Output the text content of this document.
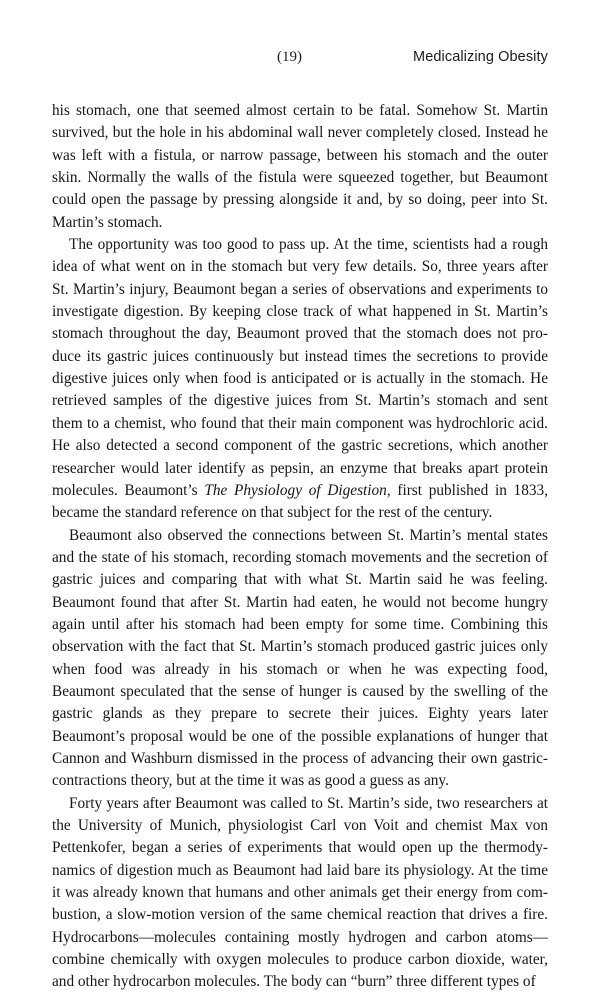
(19)	Medicalizing Obesity

his stomach, one that seemed almost certain to be fatal. Somehow St. Martin survived, but the hole in his abdominal wall never completely closed. Instead he was left with a fistula, or narrow passage, between his stomach and the outer skin. Normally the walls of the fistula were squeezed together, but Beaumont could open the passage by pressing alongside it and, by so doing, peer into St. Martin’s stomach.

The opportunity was too good to pass up. At the time, scientists had a rough idea of what went on in the stomach but very few details. So, three years after St. Martin’s injury, Beaumont began a series of observations and experiments to investigate digestion. By keeping close track of what happened in St. Martin’s stomach throughout the day, Beaumont proved that the stomach does not produce its gastric juices continuously but instead times the secretions to provide digestive juices only when food is anticipated or is actually in the stomach. He retrieved samples of the digestive juices from St. Martin’s stomach and sent them to a chemist, who found that their main component was hydrochloric acid. He also detected a second component of the gastric secretions, which another researcher would later identify as pepsin, an enzyme that breaks apart protein molecules. Beaumont’s The Physiology of Digestion, first published in 1833, became the standard reference on that subject for the rest of the century.

Beaumont also observed the connections between St. Martin’s mental states and the state of his stomach, recording stomach movements and the secretion of gastric juices and comparing that with what St. Martin said he was feeling. Beaumont found that after St. Martin had eaten, he would not become hungry again until after his stomach had been empty for some time. Combining this observation with the fact that St. Martin’s stomach produced gastric juices only when food was already in his stomach or when he was expecting food, Beaumont speculated that the sense of hunger is caused by the swelling of the gastric glands as they prepare to secrete their juices. Eighty years later Beaumont’s proposal would be one of the possible explanations of hunger that Cannon and Washburn dismissed in the process of advancing their own gastric-contractions theory, but at the time it was as good a guess as any.

Forty years after Beaumont was called to St. Martin’s side, two researchers at the University of Munich, physiologist Carl von Voit and chemist Max von Pettenkofer, began a series of experiments that would open up the thermodynamics of digestion much as Beaumont had laid bare its physiology. At the time it was already known that humans and other animals get their energy from combustion, a slow-motion version of the same chemical reaction that drives a fire. Hydrocarbons—molecules containing mostly hydrogen and carbon atoms—combine chemically with oxygen molecules to produce carbon dioxide, water, and other hydrocarbon molecules. The body can “burn” three different types of
